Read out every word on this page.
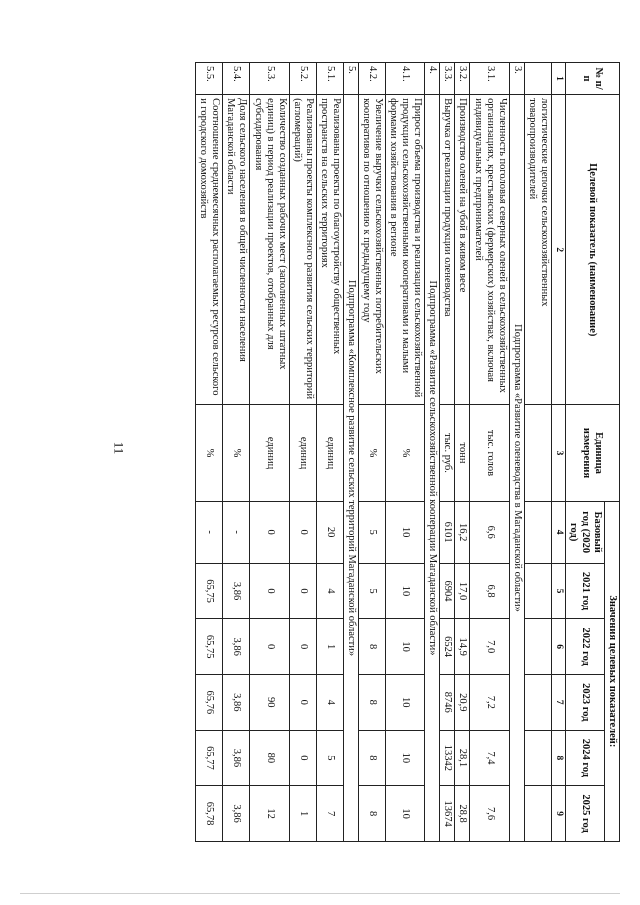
11
№ п/п	Целевой показатель (наименование)	Единица измерения	Значения целевых показателей:					
			Базовый год (2020 год)	2021 год	2022 год	2023 год	2024 год	2025 год
1	2	3	4	5	6	7	8	9
	логистические цепочки сельскохозяйственных товаропроизводителей							
3.	Подпрограмма «Развитие оленеводства в Магаданской области»							
3.1.	Численность поголовья северных оленей в сельскохозяйственных организациях, крестьянских (фермерских) хозяйствах, включая индивидуальных предпринимателей	тыс. голов	6,6	6,8	7,0	7,2	7,4	7,6
3.2.	Производство оленей на убой в живом весе	тонн	16,2	17,0	14,9	20,9	28,1	28,8
3.3.	Выручка от реализации продукции оленеводства	тыс. руб.	6101	6904	6524	8746	13342	13674
4.	Подпрограмма «Развитие сельскохозяйственной кооперации Магаданской области»							
4.1.	Прирост объема производства и реализации сельскохозяйственной продукции сельскохозяйственными кооперативами и малыми формами хозяйствования в регионе	%	10	10	10	10	10	10
4.2.	Увеличение выручки сельскохозяйственных потребительских кооперативов по отношению к предыдущему году	%	5	5	8	8	8	8
5.	Подпрограмма «Комплексное развитие сельских территорий Магаданской области»							
5.1.	Реализованы проекты по благоустройству общественных пространств на сельских территориях	единиц	20	4	1	4	5	7
5.2.	Реализованы проекты комплексного развития сельских территорий (агломераций)	единиц	0	0	0	0	0	1
5.3.	Количество созданных рабочих мест (заполненных штатных единиц) в период реализации проектов, отобранных для субсидирования	единиц	0	0	0	90	80	12
5.4.	Доля сельского населения в общей численности населения Магаданской области	%	-	3,86	3,86	3,86	3,86	3,86
5.5.	Соотношение среднемесячных располагаемых ресурсов сельского и городского домохозяйств	%	-	65,75	65,75	65,76	65,77	65,78
